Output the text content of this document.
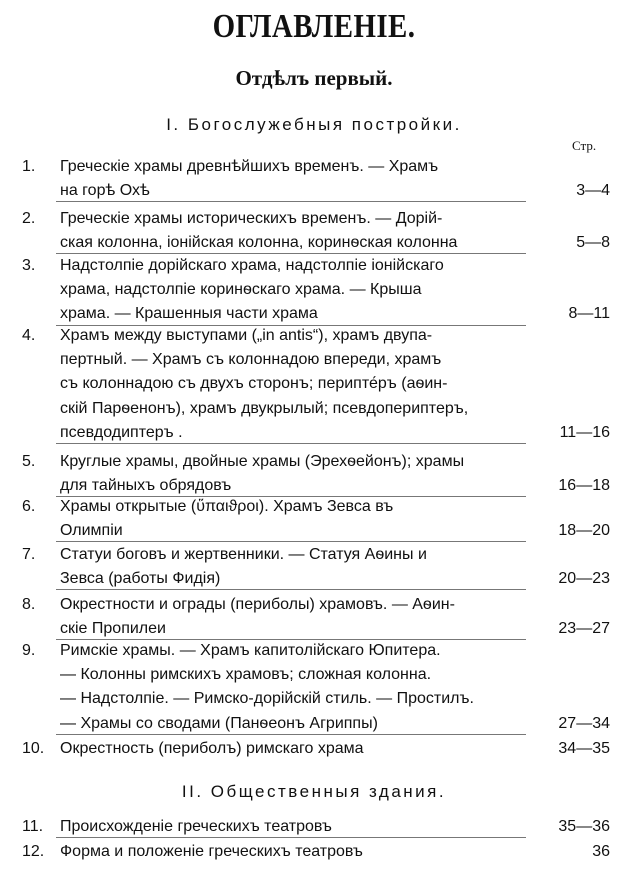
ОГЛАВЛЕНIЕ.
Отдѣлъ первый.
I. Богослужебныя постройки.
Стр.
II. Общественныя здания.
1.	Греческiе храмы древнѣйшихъ временъ. — Храмъ
на горѣ Охѣ	3—4
2.	Греческiе храмы историческихъ временъ. — Дорiй-
ская колонна, iонiйская колонна, коринѳская колонна	5—8
3.	Надстолпiе дорiйскаго храма, надстолпiе iонiйскаго
храма, надстолпiе коринѳскаго храма. — Крыша
храма. — Крашенныя части храма	8—11
4.	Храмъ между выступами („in antis“), храмъ двупа-
пертный. — Храмъ съ колоннадою впереди, храмъ
съ колоннадою съ двухъ сторонъ; перипте́ръ (аѳин-
скiй Парѳенонъ), храмъ двукрылый; псевдопериптеръ,
псевдодиптеръ .	11—16
5.	Круглые храмы, двойные храмы (Эрехѳейонъ); храмы
для тайныхъ обрядовъ	16—18
6.	Храмы открытые (ὕπαιϑροι). Храмъ Зевса въ
Олимпiи	18—20
7.	Статуи боговъ и жертвенники. — Статуя Аѳины и
Зевса (работы Фидiя)	20—23
8.	Окрестности и ограды (периболы) храмовъ. — Аѳин-
скiе Пропилеи	23—27
9.	Римскiе храмы. — Храмъ капитолiйскаго Юпитера.
— Колонны римскихъ храмовъ; сложная колонна.
— Надстолпiе. — Римско-дорiйскiй стиль. — Простилъ.
— Храмы со сводами (Панѳеонъ Агриппы)	27—34
10. Окрестность (периболъ) римскаго храма	34—35
11.	Происхожденiе греческихъ театровъ	35—36
12. Форма и положенiе греческихъ театровъ	36
